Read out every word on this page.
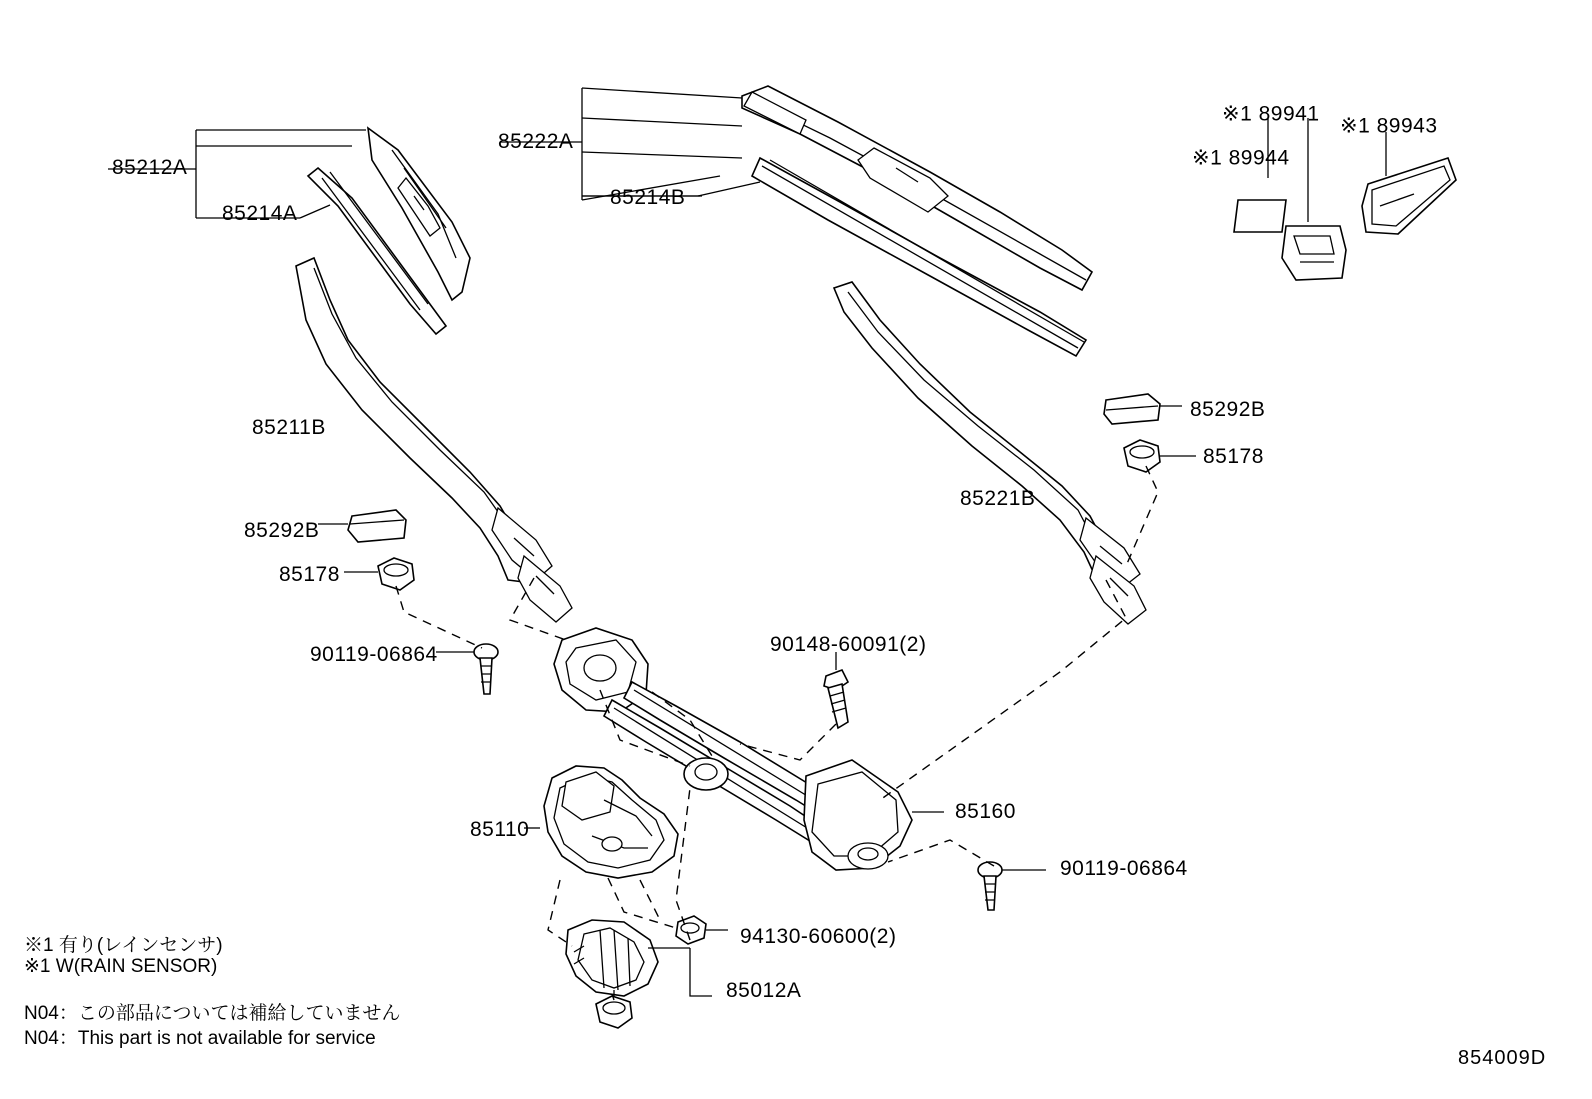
85212A
85214A
85222A
85214B
※1 89941
※1 89943
※1 89944
85211B
85221B
85292B
85178
85292B
85178
90119-06864	90148-60091(2)
85160
85110
90119-06864
94130-60600(2)
85012A
※1 有り(レインセンサ)
※1 W(RAIN SENSOR)
N04：この部品については補給していません
N04：This part is not available for service
854009D
